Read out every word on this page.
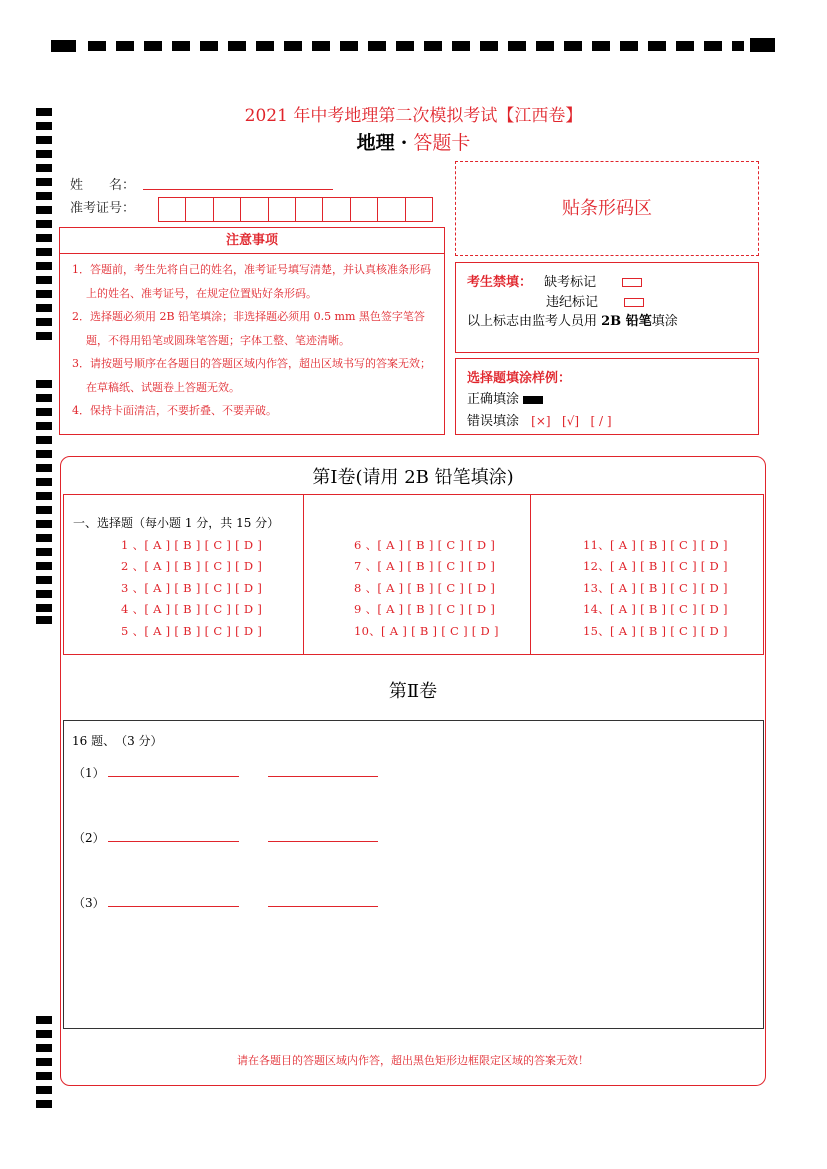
2021 年中考地理第二次模拟考试【江西卷】
地理 · 答题卡
姓　　名：
准考证号：
注意事项
1．答题前，考生先将自己的姓名，准考证号填写清楚，并认真核准条形码上的姓名、准考证号，在规定位置贴好条形码。
2．选择题必须用 2B 铅笔填涂；非选择题必须用 0.5 mm 黑色签字笔答题，不得用铅笔或圆珠笔答题；字体工整、笔迹清晰。
3．请按题号顺序在各题目的答题区域内作答，超出区域书写的答案无效；在草稿纸、试题卷上答题无效。
4．保持卡面清洁，不要折叠、不要弄破。
贴条形码区
考生禁填： 缺考标记
违纪标记
以上标志由监考人员用 2B 铅笔填涂
选择题填涂样例：
正确填涂
错误填涂 [×]   [√]   [ / ]
第Ⅰ卷(请用 2B 铅笔填涂)
一、选择题（每小题 1 分，共 15 分）
1 、[ A ] [ B ] [ C ] [ D ]
2 、[ A ] [ B ] [ C ] [ D ]
3 、[ A ] [ B ] [ C ] [ D ]
4 、[ A ] [ B ] [ C ] [ D ]
5 、[ A ] [ B ] [ C ] [ D ]
6 、[ A ] [ B ] [ C ] [ D ]
7 、[ A ] [ B ] [ C ] [ D ]
8 、[ A ] [ B ] [ C ] [ D ]
9 、[ A ] [ B ] [ C ] [ D ]
10、[ A ] [ B ] [ C ] [ D ]
11、[ A ] [ B ] [ C ] [ D ]
12、[ A ] [ B ] [ C ] [ D ]
13、[ A ] [ B ] [ C ] [ D ]
14、[ A ] [ B ] [ C ] [ D ]
15、[ A ] [ B ] [ C ] [ D ]
第Ⅱ卷
16 题、　（3 分）
（1）
（2）
（3）
请在各题目的答题区域内作答，超出黑色矩形边框限定区域的答案无效！
